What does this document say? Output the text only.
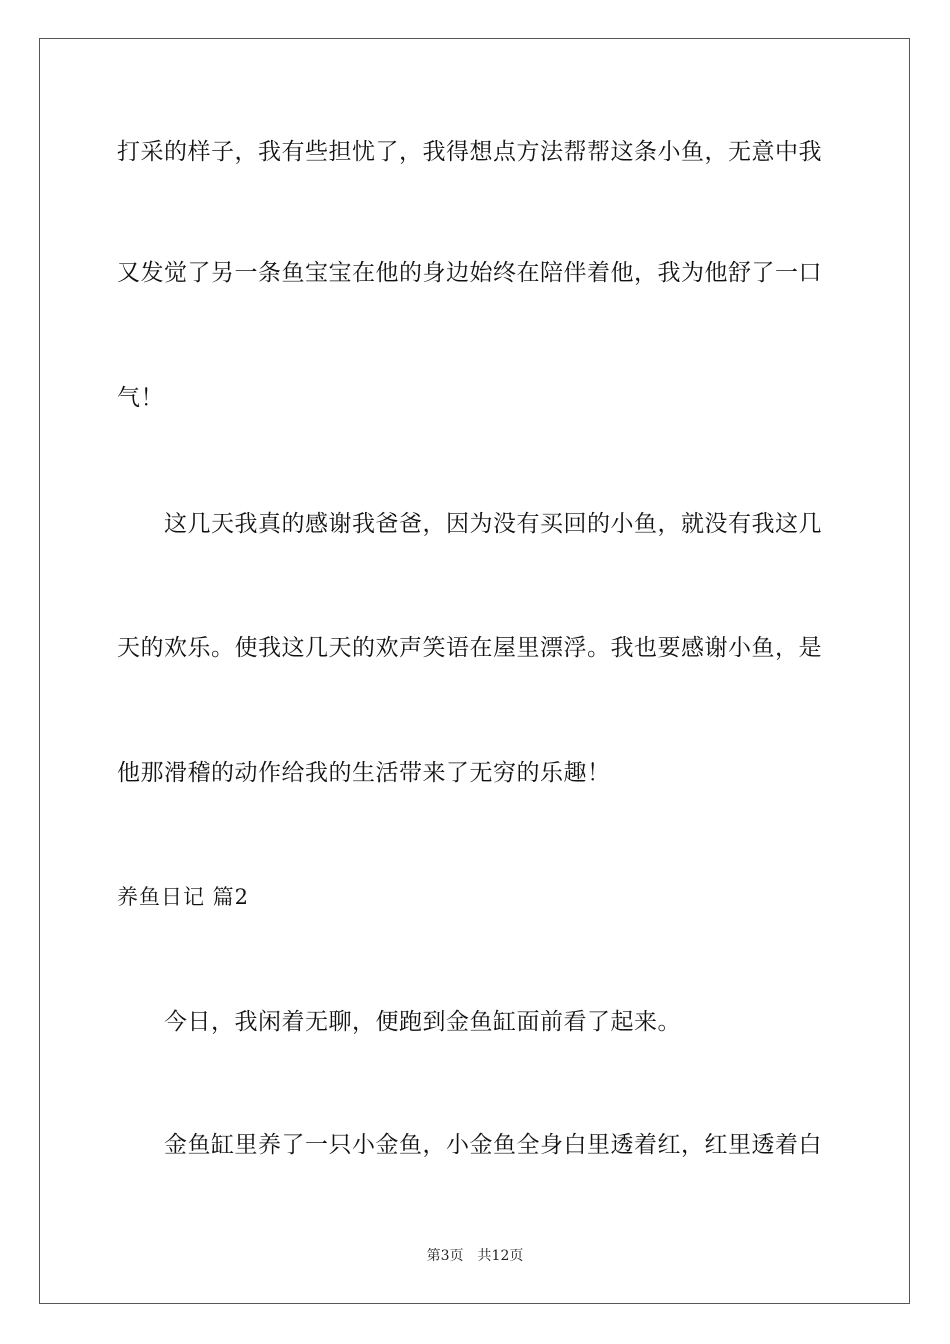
打采的样子，我有些担忧了，我得想点方法帮帮这条小鱼，无意中我
又发觉了另一条鱼宝宝在他的身边始终在陪伴着他，我为他舒了一口
气！
这几天我真的感谢我爸爸，因为没有买回的小鱼，就没有我这几
天的欢乐。使我这几天的欢声笑语在屋里漂浮。我也要感谢小鱼，是
他那滑稽的动作给我的生活带来了无穷的乐趣！
养鱼日记 篇2
今日，我闲着无聊，便跑到金鱼缸面前看了起来。
金鱼缸里养了一只小金鱼，小金鱼全身白里透着红，红里透着白
第3页 共12页
